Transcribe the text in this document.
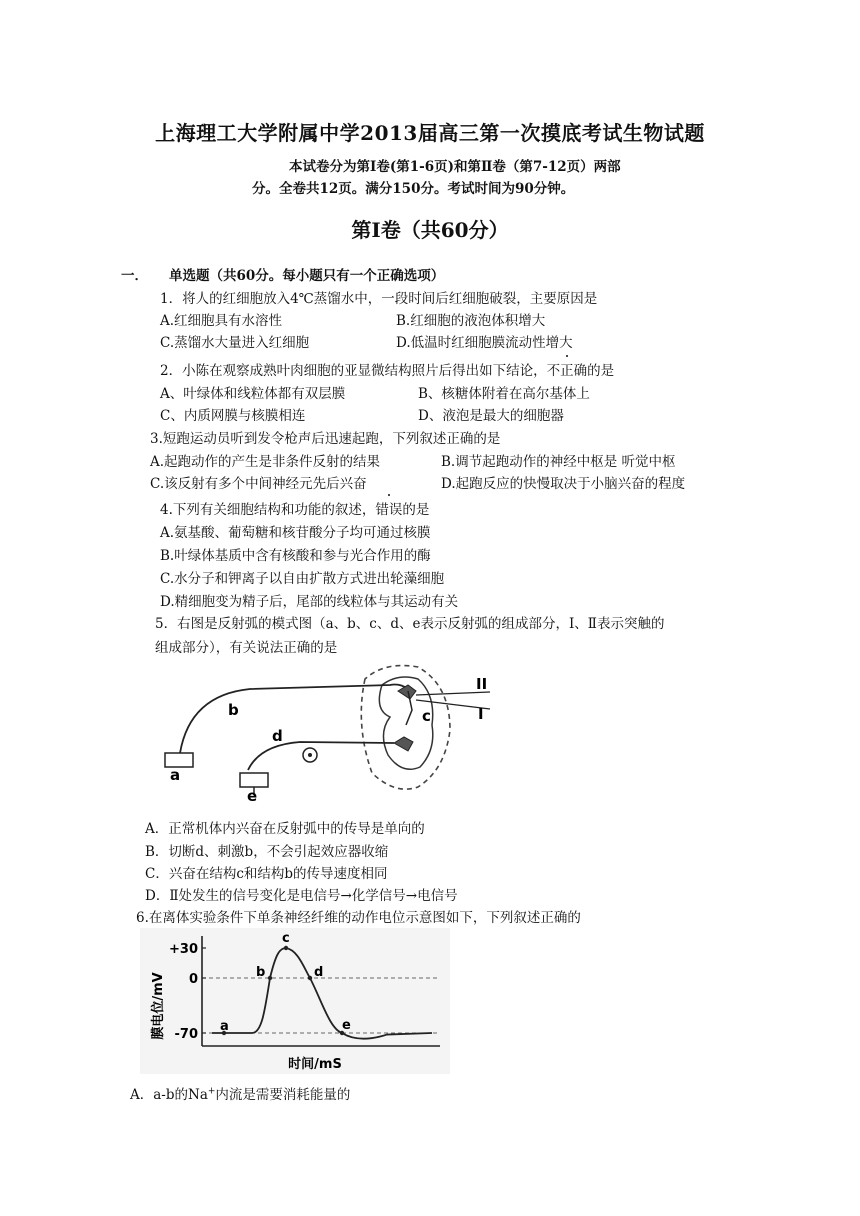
上海理工大学附属中学2013届高三第一次摸底考试生物试题
本试卷分为第Ⅰ卷(第1-6页)和第Ⅱ卷（第7-12页）两部
分。全卷共12页。满分150分。考试时间为90分钟。
第Ⅰ卷（共60分）
一． 单选题（共60分。每小题只有一个正确选项）
1．将人的红细胞放入4℃蒸馏水中，一段时间后红细胞破裂，主要原因是
A.红细胞具有水溶性	B.红细胞的液泡体积增大
C.蒸馏水大量进入红细胞	D.低温时红细胞膜流动性增大
2．小陈在观察成熟叶肉细胞的亚显微结构照片后得出如下结论，不正确的是
A、叶绿体和线粒体都有双层膜	B、核糖体附着在高尔基体上
C、内质网膜与核膜相连	D、液泡是最大的细胞器
3.短跑运动员听到发令枪声后迅速起跑，下列叙述正确的是
A.起跑动作的产生是非条件反射的结果	B.调节起跑动作的神经中枢是 听觉中枢
C.该反射有多个中间神经元先后兴奋	D.起跑反应的快慢取决于小脑兴奋的程度
4.下列有关细胞结构和功能的叙述，错误的是
A.氨基酸、葡萄糖和核苷酸分子均可通过核膜
B.叶绿体基质中含有核酸和参与光合作用的酶
C.水分子和钾离子以自由扩散方式进出轮藻细胞
D.精细胞变为精子后，尾部的线粒体与其运动有关
5．右图是反射弧的模式图（a、b、c、d、e表示反射弧的组成部分，I、Ⅱ表示突触的
组成部分），有关说法正确的是
a
b	c
d
e
II
I
A．正常机体内兴奋在反射弧中的传导是单向的
B．切断d、刺激b，不会引起效应器收缩
C．兴奋在结构c和结构b的传导速度相同
D．Ⅱ处发生的信号变化是电信号→化学信号→电信号
6.在离体实验条件下单条神经纤维的动作电位示意图如下，下列叙述正确的
+30
0
-70
a
b
c
d
e
膜电位/mV
时间/mS
A．a-b的Na+内流是需要消耗能量的
